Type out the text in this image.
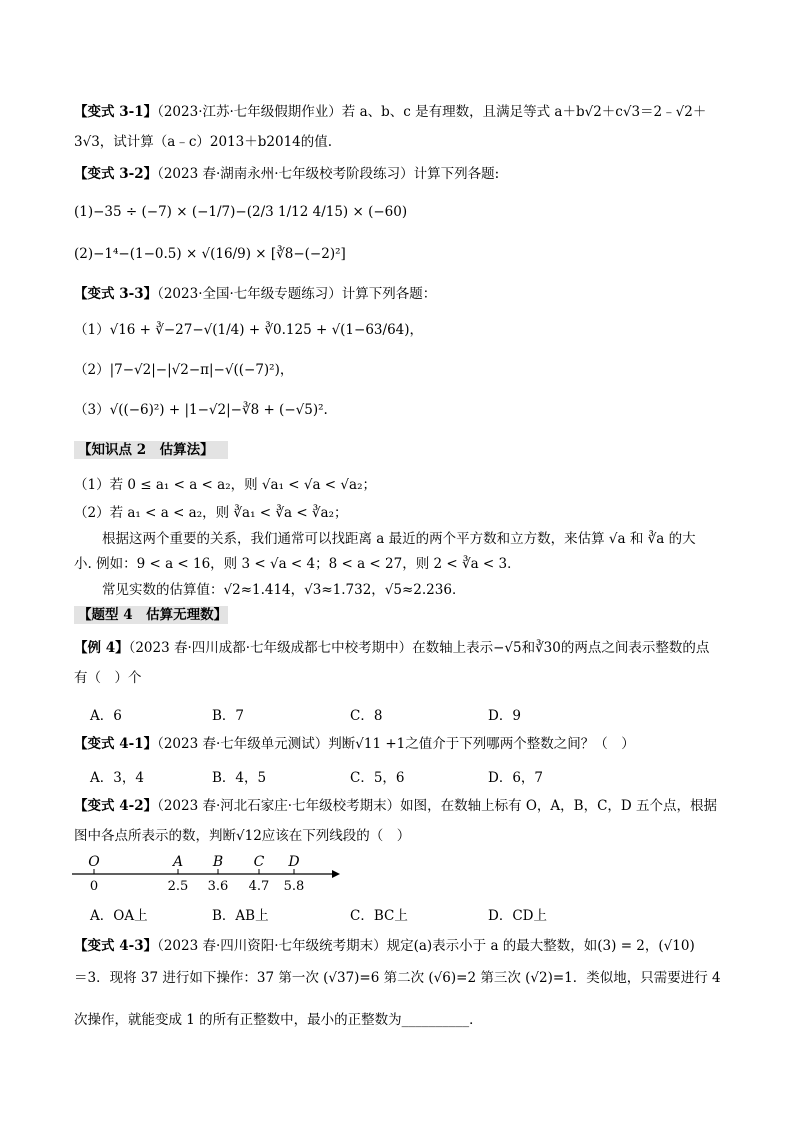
【变式 3-1】（2023·江苏·七年级假期作业）若 a、b、c 是有理数，且满足等式 a＋b√2＋c√3＝2﹣√2＋
3√3，试计算（a﹣c）2013＋b2014的值.
【变式 3-2】（2023 春·湖南永州·七年级校考阶段练习）计算下列各题:
(1)−35 ÷ (−7) × (−1/7)−(2/3 1/12 4/15) × (−60)
(2)−1⁴−(1−0.5) × √(16/9) × [∛8−(−2)²]
【变式 3-3】（2023·全国·七年级专题练习）计算下列各题：
（1）√16 + ∛−27−√(1/4) + ∛0.125 + √(1−63/64)，
（2）|7−√2|−|√2−π|−√((−7)²)，
（3）√((−6)²) + |1−√2|−∛8 + (−√5)².
【知识点 2　估算法】
（1）若 0 ≤ a₁ < a < a₂，则 √a₁ < √a < √a₂；
（2）若 a₁ < a < a₂，则 ∛a₁ < ∛a < ∛a₂；
根据这两个重要的关系，我们通常可以找距离 a 最近的两个平方数和立方数，来估算 √a 和 ∛a 的大
小. 例如：9 < a < 16，则 3 < √a < 4；8 < a < 27，则 2 < ∛a < 3．
常见实数的估算值：√2≈1.414，√3≈1.732，√5≈2.236．
【题型 4　估算无理数】
【例 4】（2023 春·四川成都·七年级成都七中校考期中）在数轴上表示−√5和∛30的两点之间表示整数的点
有（　）个
A．6	B．7	C．8	D．9
【变式 4-1】（2023 春·七年级单元测试）判断√11 +1之值介于下列哪两个整数之间？（　）
A．3，4	B．4，5	C．5，6	D．6，7
【变式 4-2】（2023 春·河北石家庄·七年级校考期末）如图，在数轴上标有 O，A，B，C，D 五个点，根据
图中各点所表示的数，判断√12应该在下列线段的（　）
O
0
A
2.5
B
3.6
C
4.7
D
5.8
A．OA上	B．AB上	C．BC上	D．CD上
【变式 4-3】（2023 春·四川资阳·七年级统考期末）规定(a)表示小于 a 的最大整数，如(3) = 2，(√10)
＝3．现将 37 进行如下操作：37 第一次 (√37)=6 第二次 (√6)=2 第三次 (√2)=1．类似地，只需要进行 4
次操作，就能变成 1 的所有正整数中，最小的正整数为__________．
